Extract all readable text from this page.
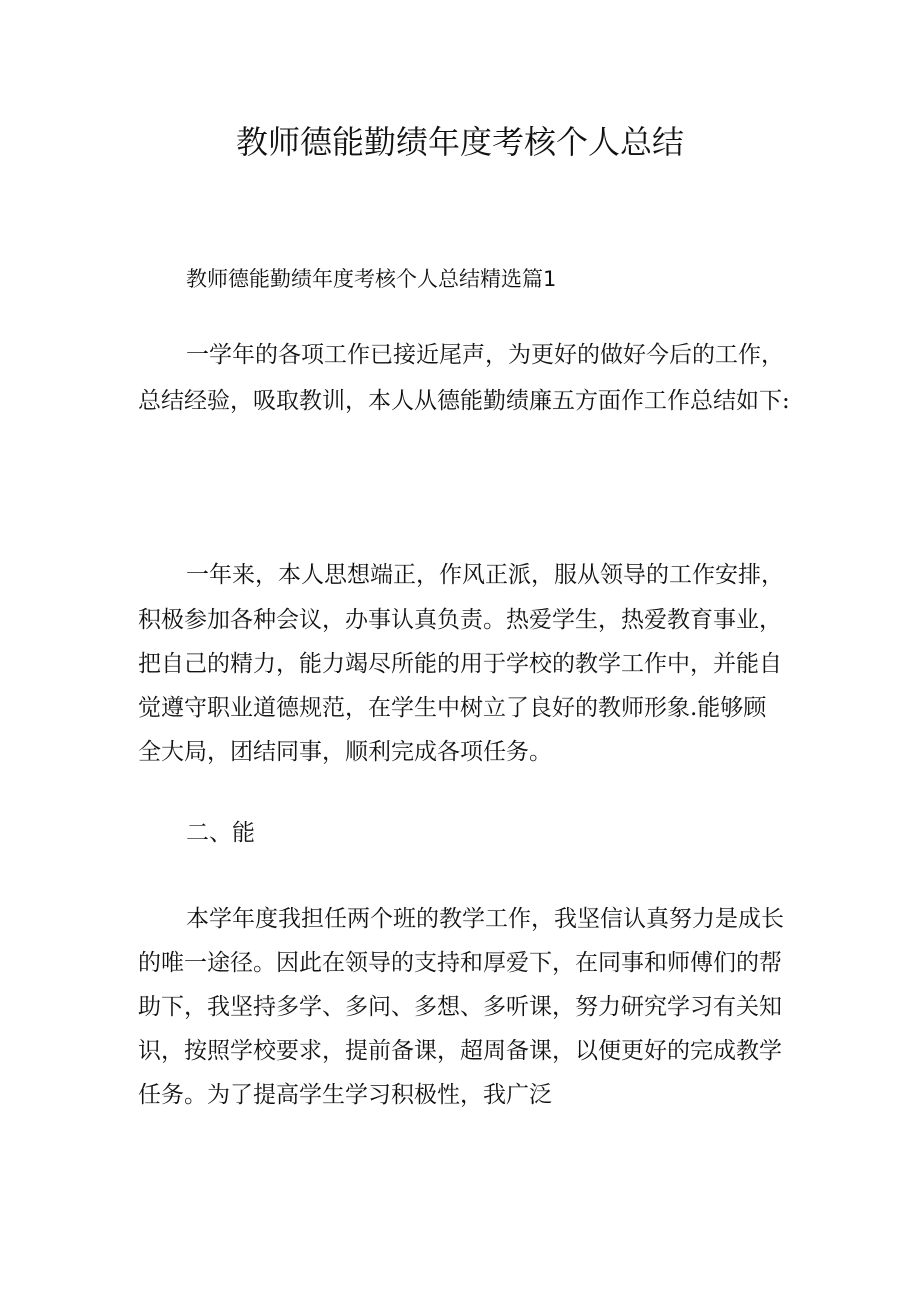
教师德能勤绩年度考核个人总结

教师德能勤绩年度考核个人总结精选篇1

一学年的各项工作已接近尾声，为更好的做好今后的工作，

总结经验，吸取教训，本人从德能勤绩廉五方面作工作总结如下:

一年来，本人思想端正，作风正派，服从领导的工作安排，

积极参加各种会议，办事认真负责。热爱学生，热爱教育事业，

把自己的精力，能力竭尽所能的用于学校的教学工作中，并能自

觉遵守职业道德规范，在学生中树立了良好的教师形象.能够顾

全大局，团结同事，顺利完成各项任务。

二、能

本学年度我担任两个班的教学工作，我坚信认真努力是成长

的唯一途径。因此在领导的支持和厚爱下，在同事和师傅们的帮

助下，我坚持多学、多问、多想、多听课，努力研究学习有关知

识，按照学校要求，提前备课，超周备课，以便更好的完成教学

任务。为了提高学生学习积极性，我广泛
